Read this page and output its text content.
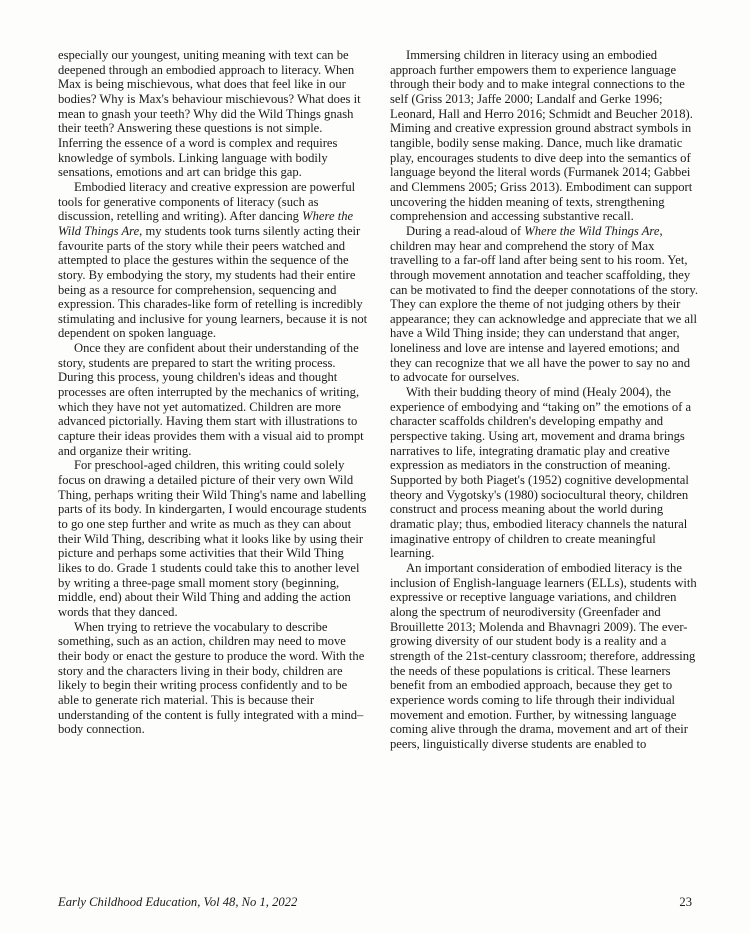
especially our youngest, uniting meaning with text can be deepened through an embodied approach to literacy. When Max is being mischievous, what does that feel like in our bodies? Why is Max's behaviour mischievous? What does it mean to gnash your teeth? Why did the Wild Things gnash their teeth? Answering these questions is not simple. Inferring the essence of a word is complex and requires knowledge of symbols. Linking language with bodily sensations, emotions and art can bridge this gap.

Embodied literacy and creative expression are powerful tools for generative components of literacy (such as discussion, retelling and writing). After dancing Where the Wild Things Are, my students took turns silently acting their favourite parts of the story while their peers watched and attempted to place the gestures within the sequence of the story. By embodying the story, my students had their entire being as a resource for comprehension, sequencing and expression. This charades-like form of retelling is incredibly stimulating and inclusive for young learners, because it is not dependent on spoken language.

Once they are confident about their understanding of the story, students are prepared to start the writing process. During this process, young children's ideas and thought processes are often interrupted by the mechanics of writing, which they have not yet automatized. Children are more advanced pictorially. Having them start with illustrations to capture their ideas provides them with a visual aid to prompt and organize their writing.

For preschool-aged children, this writing could solely focus on drawing a detailed picture of their very own Wild Thing, perhaps writing their Wild Thing's name and labelling parts of its body. In kindergarten, I would encourage students to go one step further and write as much as they can about their Wild Thing, describing what it looks like by using their picture and perhaps some activities that their Wild Thing likes to do. Grade 1 students could take this to another level by writing a three-page small moment story (beginning, middle, end) about their Wild Thing and adding the action words that they danced.

When trying to retrieve the vocabulary to describe something, such as an action, children may need to move their body or enact the gesture to produce the word. With the story and the characters living in their body, children are likely to begin their writing process confidently and to be able to generate rich material. This is because their understanding of the content is fully integrated with a mind–body connection.

Immersing children in literacy using an embodied approach further empowers them to experience language through their body and to make integral connections to the self (Griss 2013; Jaffe 2000; Landalf and Gerke 1996; Leonard, Hall and Herro 2016; Schmidt and Beucher 2018). Miming and creative expression ground abstract symbols in tangible, bodily sense making. Dance, much like dramatic play, encourages students to dive deep into the semantics of language beyond the literal words (Furmanek 2014; Gabbei and Clemmens 2005; Griss 2013). Embodiment can support uncovering the hidden meaning of texts, strengthening comprehension and accessing substantive recall.

During a read-aloud of Where the Wild Things Are, children may hear and comprehend the story of Max travelling to a far-off land after being sent to his room. Yet, through movement annotation and teacher scaffolding, they can be motivated to find the deeper connotations of the story. They can explore the theme of not judging others by their appearance; they can acknowledge and appreciate that we all have a Wild Thing inside; they can understand that anger, loneliness and love are intense and layered emotions; and they can recognize that we all have the power to say no and to advocate for ourselves.

With their budding theory of mind (Healy 2004), the experience of embodying and “taking on” the emotions of a character scaffolds children's developing empathy and perspective taking. Using art, movement and drama brings narratives to life, integrating dramatic play and creative expression as mediators in the construction of meaning. Supported by both Piaget's (1952) cognitive developmental theory and Vygotsky's (1980) sociocultural theory, children construct and process meaning about the world during dramatic play; thus, embodied literacy channels the natural imaginative entropy of children to create meaningful learning.

An important consideration of embodied literacy is the inclusion of English-language learners (ELLs), students with expressive or receptive language variations, and children along the spectrum of neurodiversity (Greenfader and Brouillette 2013; Molenda and Bhavnagri 2009). The ever-growing diversity of our student body is a reality and a strength of the 21st-century classroom; therefore, addressing the needs of these populations is critical. These learners benefit from an embodied approach, because they get to experience words coming to life through their individual movement and emotion. Further, by witnessing language coming alive through the drama, movement and art of their peers, linguistically diverse students are enabled to

Early Childhood Education, Vol 48, No 1, 2022	23
